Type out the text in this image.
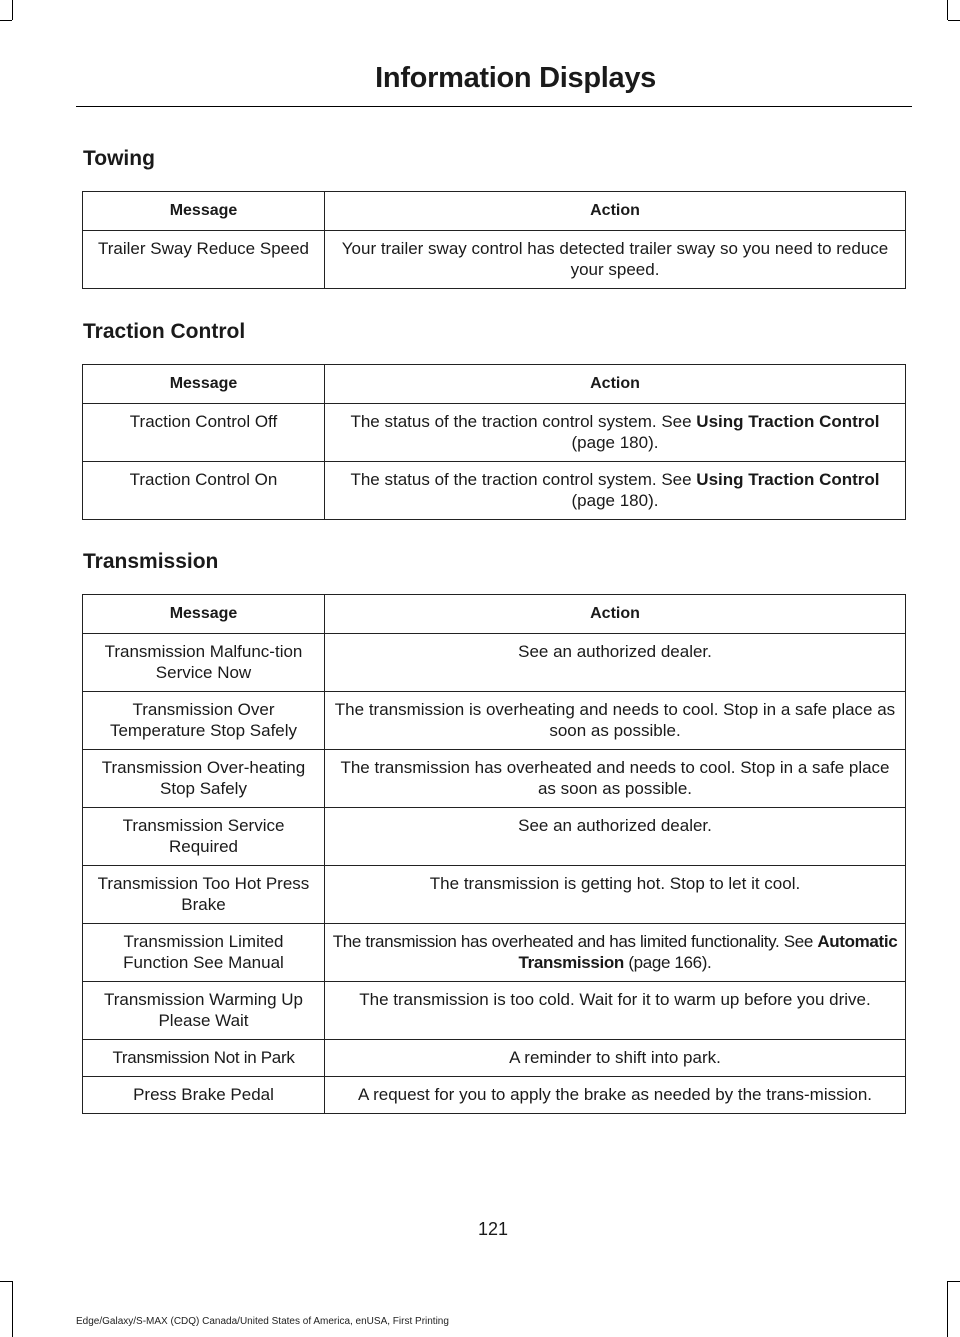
Information Displays
Towing
Message	Action
Trailer Sway Reduce Speed	Your trailer sway control has detected trailer sway so you need to reduce your speed.
Traction Control
Message	Action
Traction Control Off	The status of the traction control system. See Using Traction Control (page 180).
Traction Control On	The status of the traction control system. See Using Traction Control (page 180).
Transmission
Message	Action
Transmission Malfunc-tion Service Now	See an authorized dealer.
Transmission Over Temperature Stop Safely	The transmission is overheating and needs to cool. Stop in a safe place as soon as possible.
Transmission Over-heating Stop Safely	The transmission has overheated and needs to cool. Stop in a safe place as soon as possible.
Transmission Service Required	See an authorized dealer.
Transmission Too Hot Press Brake	The transmission is getting hot. Stop to let it cool.
Transmission Limited Function See Manual	The transmission has overheated and has limited functionality. See Automatic Transmission (page 166).
Transmission Warming Up Please Wait	The transmission is too cold. Wait for it to warm up before you drive.
Transmission Not in Park	A reminder to shift into park.
Press Brake Pedal	A request for you to apply the brake as needed by the trans-mission.
121
Edge/Galaxy/S-MAX (CDQ) Canada/United States of America, enUSA, First Printing
